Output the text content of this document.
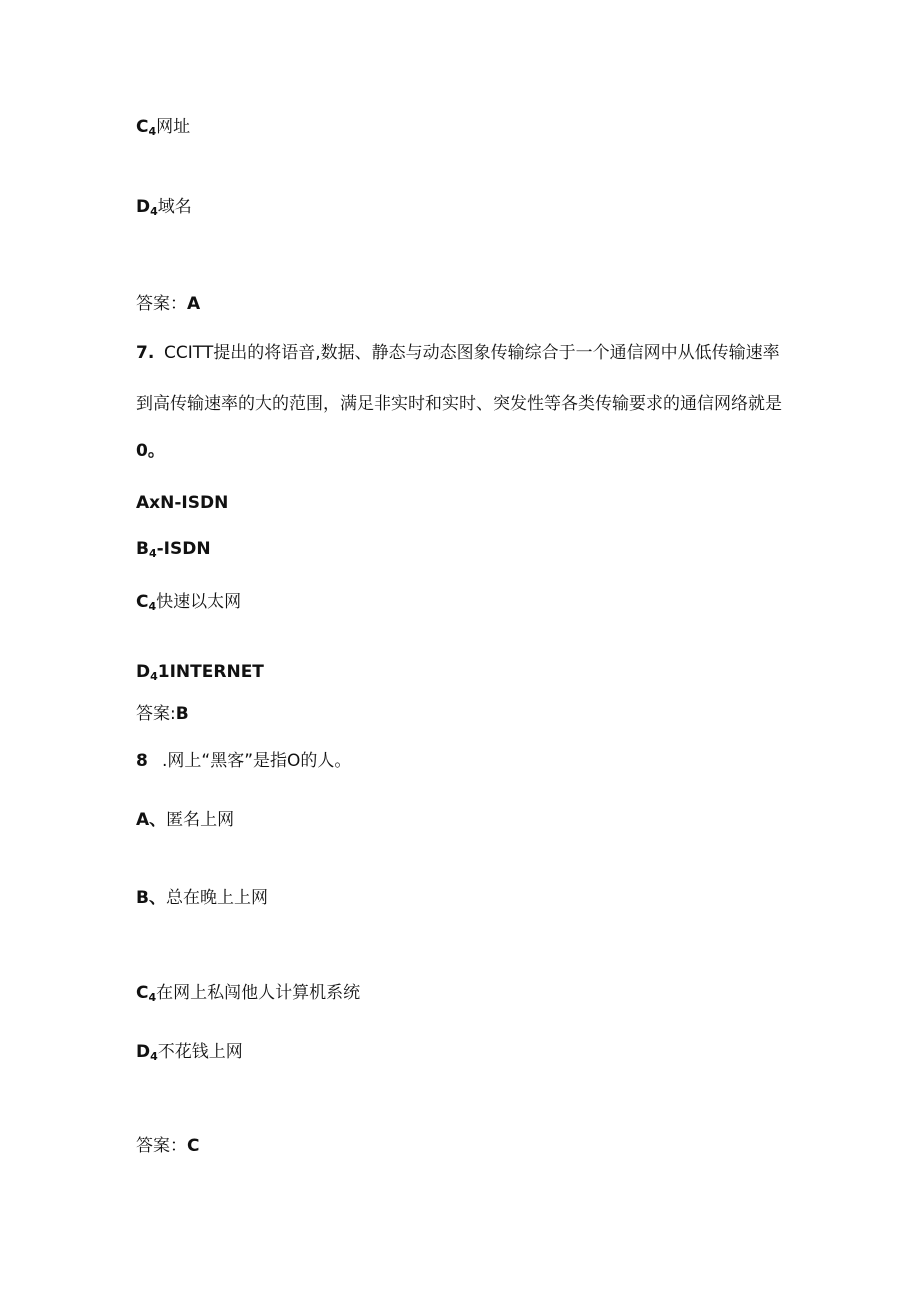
$C_4$网址
$D_4$域名
答案：A
7. CCITT提出的将语音,数据、静态与动态图象传输综合于一个通信网中从低传输速率
到高传输速率的大的范围，满足非实时和实时、突发性等各类传输要求的通信网络就是
0。
AxN-ISDN
$B_4$-ISDN
$C_4$快速以太网
$D_41INTERNET$
答案:B
8 .网上“黑客”是指O的人。
A、匿名上网
B、总在晚上上网
$C_4$在网上私闯他人计算机系统
$D_4$不花钱上网
答案：C
